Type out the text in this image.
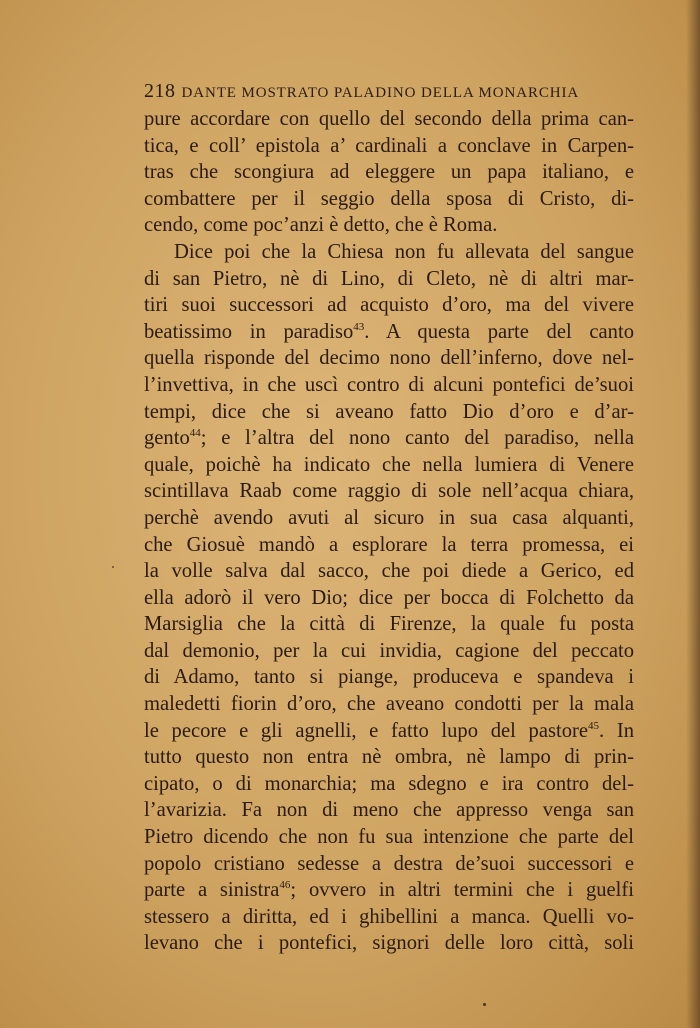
218 DANTE MOSTRATO PALADINO DELLA MONARCHIA
pure accordare con quello del secondo della prima can-
tica, e coll’ epistola a’ cardinali a conclave in Carpen-
tras che scongiura ad eleggere un papa italiano, e
combattere per il seggio della sposa di Cristo, di-
cendo, come poc’anzi è detto, che è Roma.
Dice poi che la Chiesa non fu allevata del sangue
di san Pietro, nè di Lino, di Cleto, nè di altri mar-
tiri suoi successori ad acquisto d’oro, ma del vivere
beatissimo in paradiso$^{43}$. A questa parte del canto
quella risponde del decimo nono dell’inferno, dove nel-
l’invettiva, in che uscì contro di alcuni pontefici de’suoi
tempi, dice che si aveano fatto Dio d’oro e d’ar-
gento$^{44}$; e l’altra del nono canto del paradiso, nella
quale, poichè ha indicato che nella lumiera di Venere
scintillava Raab come raggio di sole nell’acqua chiara,
perchè avendo avuti al sicuro in sua casa alquanti,
che Giosuè mandò a esplorare la terra promessa, ei
la volle salva dal sacco, che poi diede a Gerico, ed
ella adorò il vero Dio; dice per bocca di Folchetto da
Marsiglia che la città di Firenze, la quale fu posta
dal demonio, per la cui invidia, cagione del peccato
di Adamo, tanto si piange, produceva e spandeva i
maledetti fiorin d’oro, che aveano condotti per la mala
le pecore e gli agnelli, e fatto lupo del pastore$^{45}$. In
tutto questo non entra nè ombra, nè lampo di prin-
cipato, o di monarchia; ma sdegno e ira contro del-
l’avarizia. Fa non di meno che appresso venga san
Pietro dicendo che non fu sua intenzione che parte del
popolo cristiano sedesse a destra de’suoi successori e
parte a sinistra$^{46}$; ovvero in altri termini che i guelfi
stessero a diritta, ed i ghibellini a manca. Quelli vo-
levano che i pontefici, signori delle loro città, soli
